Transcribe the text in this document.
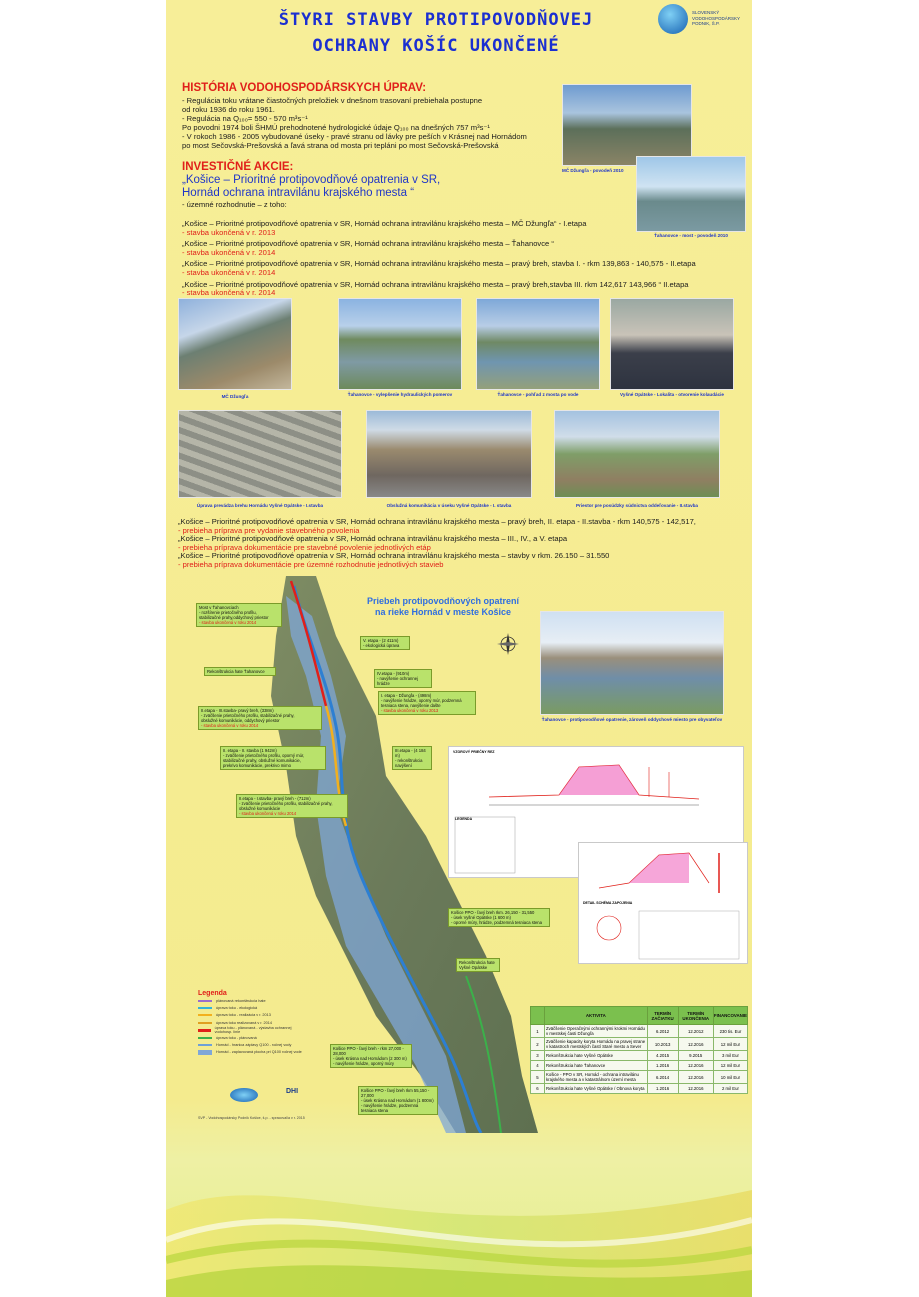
ŠTYRI STAVBY PROTIPOVODŇOVEJ
OCHRANY KOŠÍC UKONČENÉ
SLOVENSKÝ
VODOHOSPODÁRSKY
PODNIK, Š.P.
HISTÓRIA VODOHOSPODÁRSKYCH ÚPRAV:
- Regulácia toku vrátane čiastočných preložiek v dnešnom trasovaní prebiehala postupne
od roku 1936 do roku 1961.
- Regulácia na Q₁₀₀= 550 - 570 m³s⁻¹
Po povodni 1974 boli ŠHMÚ prehodnotené hydrologické údaje Q₁₀₀ na dnešných 757 m³s⁻¹
- V rokoch 1986 - 2005 vybudované úseky - pravé stranu od lávky pre peších v Krásnej nad Hornádom
po most Sečovská-Prešovská a ľavá strana od mosta pri tepláni po most Sečovská-Prešovská
MČ Džungľa - povodeň 2010
Ťahanovce - most - povodeň 2010
INVESTIČNÉ AKCIE:
„Košice – Prioritné protipovodňové opatrenia v SR,
Hornád ochrana intravilánu krajského mesta “
- územné rozhodnutie – z toho:
„Košice – Prioritné protipovodňové opatrenia v SR, Hornád ochrana intravilánu krajského mesta – MČ Džungľa“ - I.etapa
- stavba ukončená v r. 2013
„Košice – Prioritné protipovodňové opatrenia v SR, Hornád ochrana intravilánu krajského mesta – Ťahanovce “
- stavba ukončená v r. 2014
„Košice – Prioritné protipovodňové opatrenia v SR, Hornád ochrana intravilánu krajského mesta – pravý breh, stavba I. - rkm 139,863 - 140,575 - II.etapa
- stavba ukončená v r. 2014
„Košice – Prioritné protipovodňové opatrenia v SR, Hornád ochrana intravilánu krajského mesta – pravý breh,stavba III. rkm 142,617 143,966 “ II.etapa
- stavba ukončená v r. 2014
MČ Džungľa	Ťahanovce - vylepšenie hydraulických pomerov	Ťahanovce - pohľad z mosta po vode	Vyšné Opátske - Lokalita - otvorenie kolaudácie
Úprava prevádza brehu Hornádu Vyšné Opátske - I.stavba	Obslužná komunikácia v úseku Vyšné Opátske - I. stavba	Priestor pre posúdzky súdnictva oddeľovanie - II.stavba
„Košice – Prioritné protipovodňové opatrenia v SR, Hornád ochrana intravilánu krajského mesta – pravý breh, II. etapa - II.stavba - rkm 140,575 - 142,517,
- prebieha príprava pre vydanie stavebného povolenia
„Košice – Prioritné protipovodňové opatrenia v SR, Hornád ochrana intravilánu krajského mesta – III., IV., a V. etapa
- prebieha príprava dokumentácie pre stavebné povolenie jednotlivých etáp
„Košice – Prioritné protipovodňové opatrenia v SR, Hornád ochrana intravilánu krajského mesta – stavby v rkm. 26.150 – 31.550
- prebieha príprava dokumentácie pre územné rozhodnutie jednotlivých stavieb
Priebeh protipovodňových opatrení
na rieke Hornád v meste Košice
Ťahanovce - protipovodňové opatrenie, zároveň oddychové miesto pre obyvateľov
Most v Ťahanovciach
- rozšírenie prietočného profilu,
stabilizačné prahy,oddychový priestor
- stavba ukončená v roku 2014
V. etapa - (2 411m)
- ekologická úprava
Rekonštrukcia hate Ťahanovce	IV.etapa - (910m)
- navýšenie ochrannej hrádze
I. etapa - Džungľa - (498m)
- navýšenie hrádze, oporný múr, podzemná
tesniaca stena, navýšenie dašte
- stavba ukončená v roku 2013
II.etapa - III.stavba- pravý breh, (338m)
- zväčšenie prietočného profilu, stabilizačné prahy,
obslužné komunikácie, oddychový priestor
- stavba ukončená v roku 2014
II. etapa - II. stavba (1 942m)
- zväčšenie prietočného profilu, oporný múr,
stabilizačné prahy, obslužné komunikácie,
prekrivo komunikácie, prekrivo mimo
III.etapa - (4 184 m)
- rekonštrukcia navýšení
II.etapa - I.stavba- pravý breh - (712m)
- zväčšenie prietočného profilu, stabilizačné prahy,
obslužné komunikácie
- stavba ukončená v roku 2014
Košice PPO - ľavý breh rkm. 26,150 - 31,550
- úsek Vyšné Opátske (1 600 m)
- oporné múry, hrádze, podzemná tesniaca stena
Rekonštrukcia hate
Vyšné Opátske
Košice PPO - ľavý breh - rkm 27,000 - 28,000
- úsek Krásna nad Hornádom (2 300 m)
- navýšenie hrádze, oporný múry
Košice PPO - ľavý breh rkm 55,150 - 27,000
- úsek Krásna nad Hornádom (1 800m)
- navýšenie hrádze, podzemná
tesniaca stena
Legenda
plánovaná rekonštrukcia hate
úprava toku - ekologická
úprava toku - realizácia v r. 2013
úprava toku realizovaná v r. 2014
úprava toku - plánovaná - výstavba ochrannej vodohosp. línie
úprava toku - plánovaná
Hornád - hranica záplavy Q100 - ročnej vody
Hornád - zaplavovaná plocha pri Q100 ročnej vode
DHI
SVP - Vodohospodársky Podnik Košice, š.p. - spracoval/a v r. 2015
VZOROVÝ PRIEČNY REZ
LEGENDA
DETAIL SCHÉMA ZAPOJENIA
	AKTIVITA	TERMÍN ZAČIATKU	TERMÍN UKONČENIA	FINANCOVANIE
1	Zväčšenie Operačnými ochrannými krokmi Hornádu v mestskej časti Džungľa	6.2012	12.2012	230 tis. Eur
2	Zväčšenie kapacity koryta Hornádu na pravej strane v katastroch mestských častí Staré mesto a Sever	10.2013	12.2016	12 mil Eur
3	Rekonštrukcia hate Vyšné Opátske	4.2015	9.2015	3 mil Eur
4	Rekonštrukcia hate Ťahanovce	1.2016	12.2016	12 mil Eur
5	Košice - PPO v SR, Hornád - ochrana intravilánu krajského mesta a v katastrálnom území mesta	6.2014	12.2016	10 mil Eur
6	Rekonštrukcia hate Vyšné Opátske / Obnova koryta	1.2016	12.2016	2 mil Eur
